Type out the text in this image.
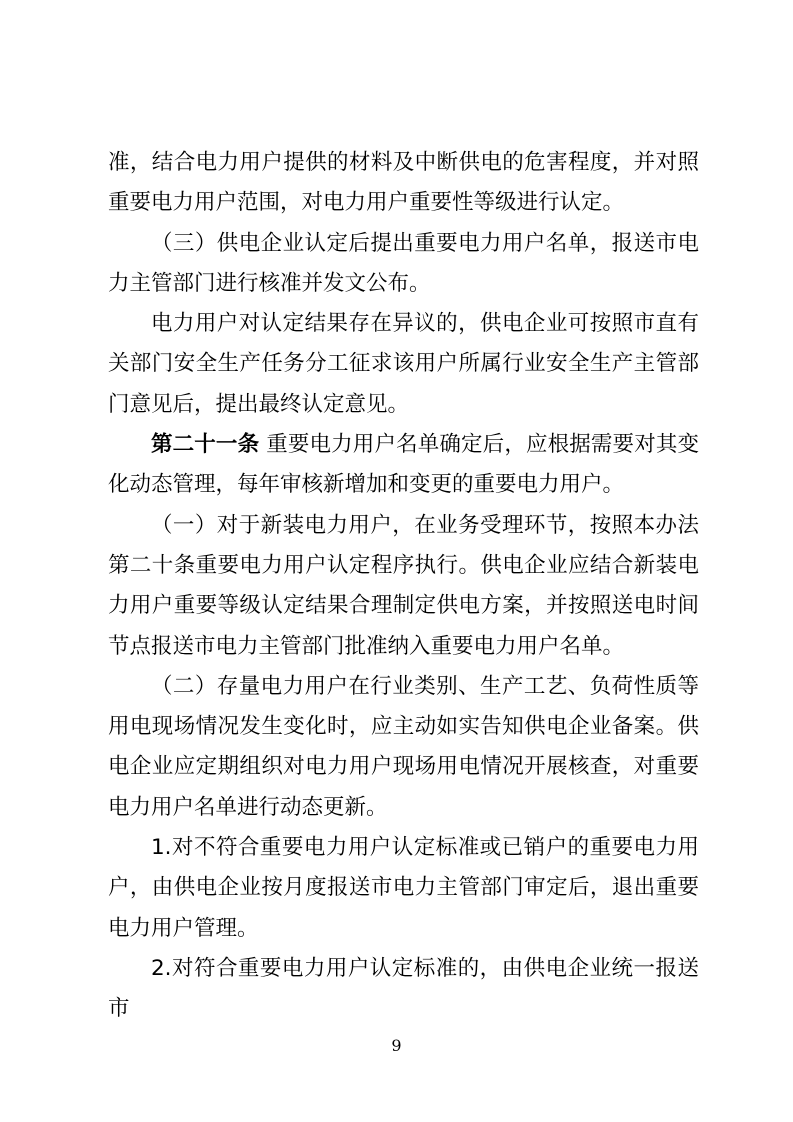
准，结合电力用户提供的材料及中断供电的危害程度，并对照重要电力用户范围，对电力用户重要性等级进行认定。

（三）供电企业认定后提出重要电力用户名单，报送市电力主管部门进行核准并发文公布。

电力用户对认定结果存在异议的，供电企业可按照市直有关部门安全生产任务分工征求该用户所属行业安全生产主管部门意见后，提出最终认定意见。

第二十一条 重要电力用户名单确定后，应根据需要对其变化动态管理，每年审核新增加和变更的重要电力用户。

（一）对于新装电力用户，在业务受理环节，按照本办法第二十条重要电力用户认定程序执行。供电企业应结合新装电力用户重要等级认定结果合理制定供电方案，并按照送电时间节点报送市电力主管部门批准纳入重要电力用户名单。

（二）存量电力用户在行业类别、生产工艺、负荷性质等用电现场情况发生变化时，应主动如实告知供电企业备案。供电企业应定期组织对电力用户现场用电情况开展核查，对重要电力用户名单进行动态更新。

1.对不符合重要电力用户认定标准或已销户的重要电力用户，由供电企业按月度报送市电力主管部门审定后，退出重要电力用户管理。

2.对符合重要电力用户认定标准的，由供电企业统一报送市

9
